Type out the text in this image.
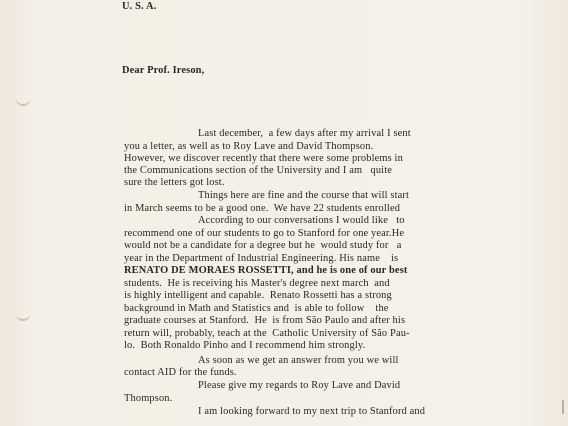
U. S. A.
Dear Prof. Ireson,
Last december,  a few days after my arrival I sent
you a letter, as well as to Roy Lave and David Thompson.
However, we discover recently that there were some problems in
the Communications section of the University and I am   quite
sure the letters got lost.
Things here are fine and the course that will start
in March seems to be a good one.  We have 22 students enrolled
According to our conversations I would like   to
recommend one of our students to go to Stanford for one year.He
would not be a candidate for a degree but he  would study for   a
year in the Department of Industrial Engineering. His name    is
RENATO DE MORAES ROSSETTI, and he is one of our best
students.  He is receiving his Master's degree next march  and
is highly intelligent and capable.  Renato Rossetti has a strong
background in Math and Statistics and  is able to follow    the
graduate courses at Stanford.  He  is from São Paulo and after his
return will, probably, teach at the  Catholic University of São Pau-
lo.  Both Ronaldo Pinho and I recommend him strongly.
As soon as we get an answer from you we will
contact AID for the funds.
Please give my regards to Roy Lave and David
Thompson.
I am looking forward to my next trip to Stanford and
